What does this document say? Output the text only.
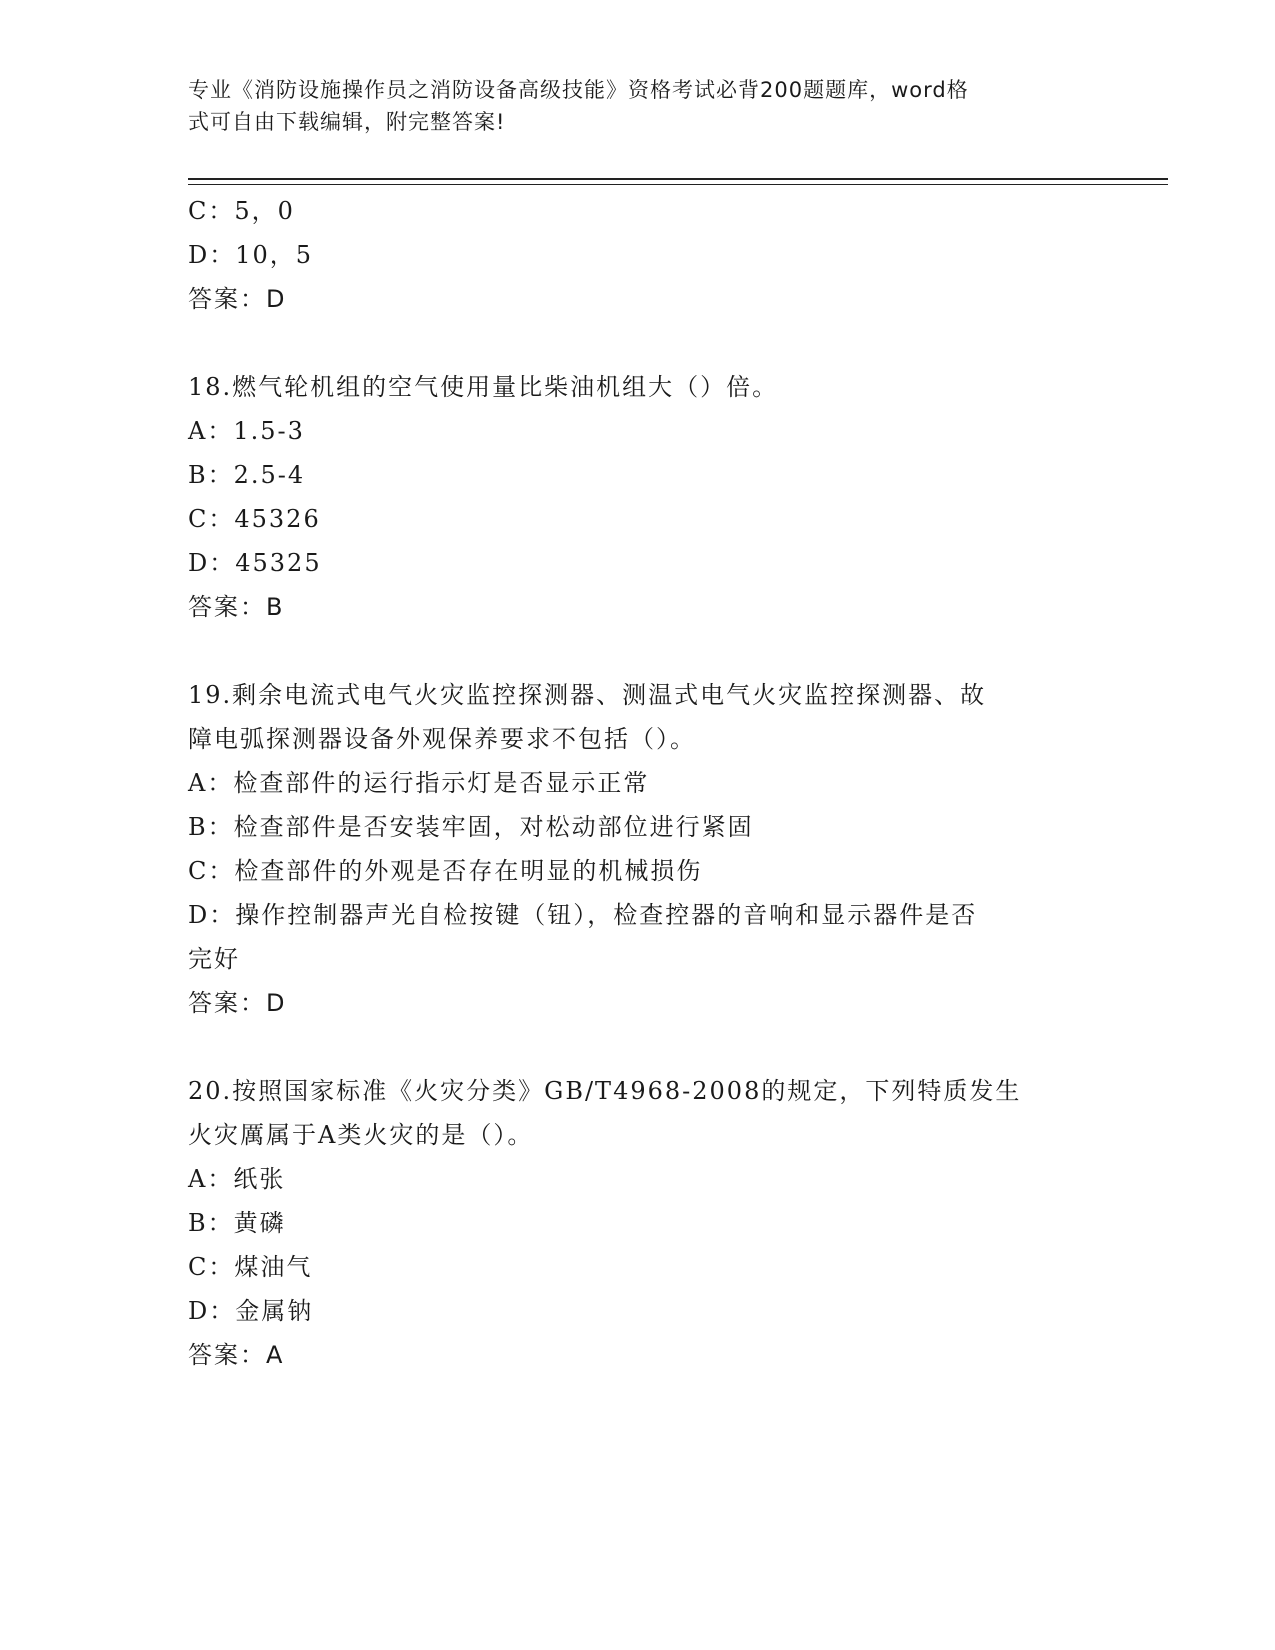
专业《消防设施操作员之消防设备高级技能》资格考试必背200题题库，word格
式可自由下载编辑，附完整答案!
C：5，0
D：10，5
答案：D
18.燃气轮机组的空气使用量比柴油机组大（）倍。
A：1.5-3
B：2.5-4
C：45326
D：45325
答案：B
19.剩余电流式电气火灾监控探测器、测温式电气火灾监控探测器、故
障电弧探测器设备外观保养要求不包括（）。
A：检查部件的运行指示灯是否显示正常
B：检查部件是否安装牢固，对松动部位进行紧固
C：检查部件的外观是否存在明显的机械损伤
D：操作控制器声光自检按键（钮），检查控器的音响和显示器件是否
完好
答案：D
20.按照国家标准《火灾分类》GB/T4968-2008的规定，下列特质发生
火灾厲属于A类火灾的是（）。
A：纸张
B：黄磷
C：煤油气
D：金属钠
答案：A
